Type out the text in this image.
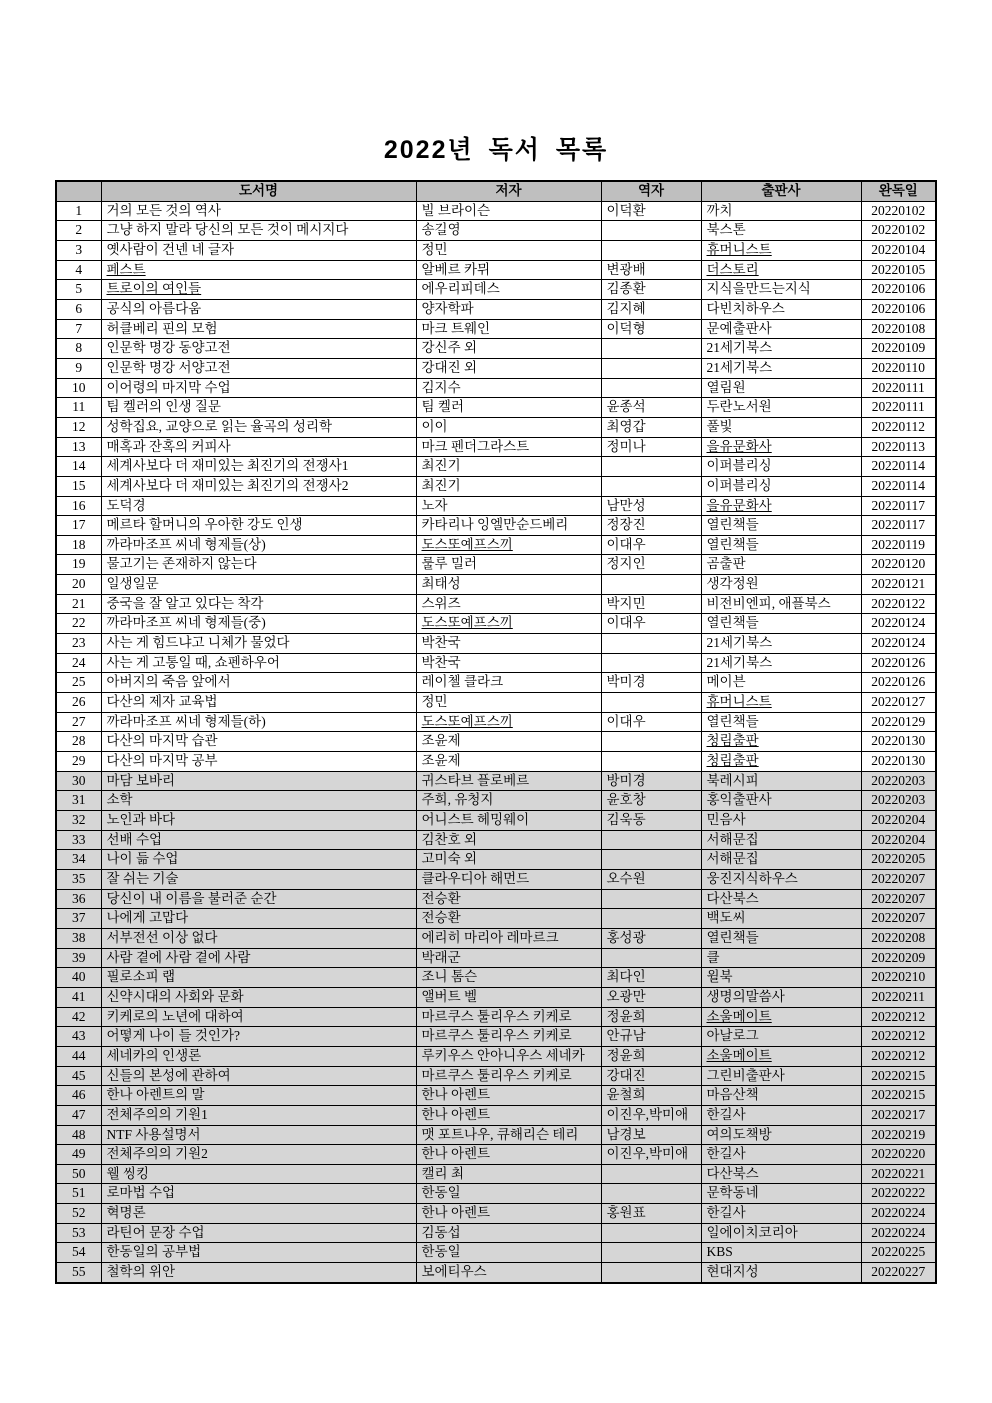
2022년 독서 목록
	도서명	저자	역자	출판사	완독일
1	거의 모든 것의 역사	빌 브라이슨	이덕환	까치	20220102
2	그냥 하지 말라 당신의 모든 것이 메시지다	송길영		북스톤	20220102
3	옛사람이 건넨 네 글자	정민		휴머니스트	20220104
4	페스트	알베르 카뮈	변광배	더스토리	20220105
5	트로이의 여인들	에우리피데스	김종환	지식을만드는지식	20220106
6	공식의 아름다움	양자학파	김지혜	다빈치하우스	20220106
7	허클베리 핀의 모험	마크 트웨인	이덕형	문예출판사	20220108
8	인문학 명강 동양고전	강신주 외		21세기북스	20220109
9	인문학 명강 서양고전	강대진 외		21세기북스	20220110
10	이어령의 마지막 수업	김지수		열림원	20220111
11	팀 켈러의 인생 질문	팀 켈러	윤종석	두란노서원	20220111
12	성학집요, 교양으로 읽는 율곡의 성리학	이이	최영갑	풀빛	20220112
13	매혹과 잔혹의 커피사	마크 펜더그라스트	정미나	을유문화사	20220113
14	세계사보다 더 재미있는 최진기의 전쟁사1	최진기		이퍼블리싱	20220114
15	세계사보다 더 재미있는 최진기의 전쟁사2	최진기		이퍼블리싱	20220114
16	도덕경	노자	남만성	을유문화사	20220117
17	메르타 할머니의 우아한 강도 인생	카타리나 잉엘만순드베리	정장진	열린책들	20220117
18	까라마조프 씨네 형제들(상)	도스또예프스끼	이대우	열린책들	20220119
19	물고기는 존재하지 않는다	룰루 밀러	정지인	곰출판	20220120
20	일생일문	최태성		생각정원	20220121
21	중국을 잘 알고 있다는 착각	스위즈	박지민	비전비엔피, 애플북스	20220122
22	까라마조프 씨네 형제들(중)	도스또예프스끼	이대우	열린책들	20220124
23	사는 게 힘드냐고 니체가 물었다	박찬국		21세기북스	20220124
24	사는 게 고통일 때, 쇼펜하우어	박찬국		21세기북스	20220126
25	아버지의 죽음 앞에서	레이첼 클라크	박미경	메이븐	20220126
26	다산의 제자 교육법	정민		휴머니스트	20220127
27	까라마조프 씨네 형제들(하)	도스또예프스끼	이대우	열린책들	20220129
28	다산의 마지막 습관	조윤제		청림출판	20220130
29	다산의 마지막 공부	조윤제		청림출판	20220130
30	마담 보바리	귀스타브 플로베르	방미경	북레시피	20220203
31	소학	주희, 유청지	윤호창	홍익출판사	20220203
32	노인과 바다	어니스트 헤밍웨이	김욱동	민음사	20220204
33	선배 수업	김찬호 외		서해문집	20220204
34	나이 듦 수업	고미숙 외		서해문집	20220205
35	잘 쉬는 기술	클라우디아 해먼드	오수원	웅진지식하우스	20220207
36	당신이 내 이름을 불러준 순간	전승환		다산북스	20220207
37	나에게 고맙다	전승환		백도씨	20220207
38	서부전선 이상 없다	에리히 마리아 레마르크	홍성광	열린책들	20220208
39	사람 곁에 사람 곁에 사람	박래군		클	20220209
40	필로소피 랩	조니 톰슨	최다인	윌북	20220210
41	신약시대의 사회와 문화	앨버트 벨	오광만	생명의말씀사	20220211
42	키케로의 노년에 대하여	마르쿠스 툴리우스 키케로	정윤희	소울메이트	20220212
43	어떻게 나이 들 것인가?	마르쿠스 툴리우스 키케로	안규남	아날로그	20220212
44	세네카의 인생론	루키우스 안아니우스 세네카	정윤희	소울메이트	20220212
45	신들의 본성에 관하여	마르쿠스 툴리우스 키케로	강대진	그린비출판사	20220215
46	한나 아렌트의 말	한나 아렌트	윤철희	마음산책	20220215
47	전체주의의 기원1	한나 아렌트	이진우,박미애	한길사	20220217
48	NTF 사용설명서	맷 포트나우, 큐해리슨 테리	남경보	여의도책방	20220219
49	전체주의의 기원2	한나 아렌트	이진우,박미애	한길사	20220220
50	웰 씽킹	캘리 최		다산북스	20220221
51	로마법 수업	한동일		문학동네	20220222
52	혁명론	한나 아렌트	홍원표	한길사	20220224
53	라틴어 문장 수업	김동섭		일에이치코리아	20220224
54	한동일의 공부법	한동일		KBS	20220225
55	철학의 위안	보에티우스		현대지성	20220227
